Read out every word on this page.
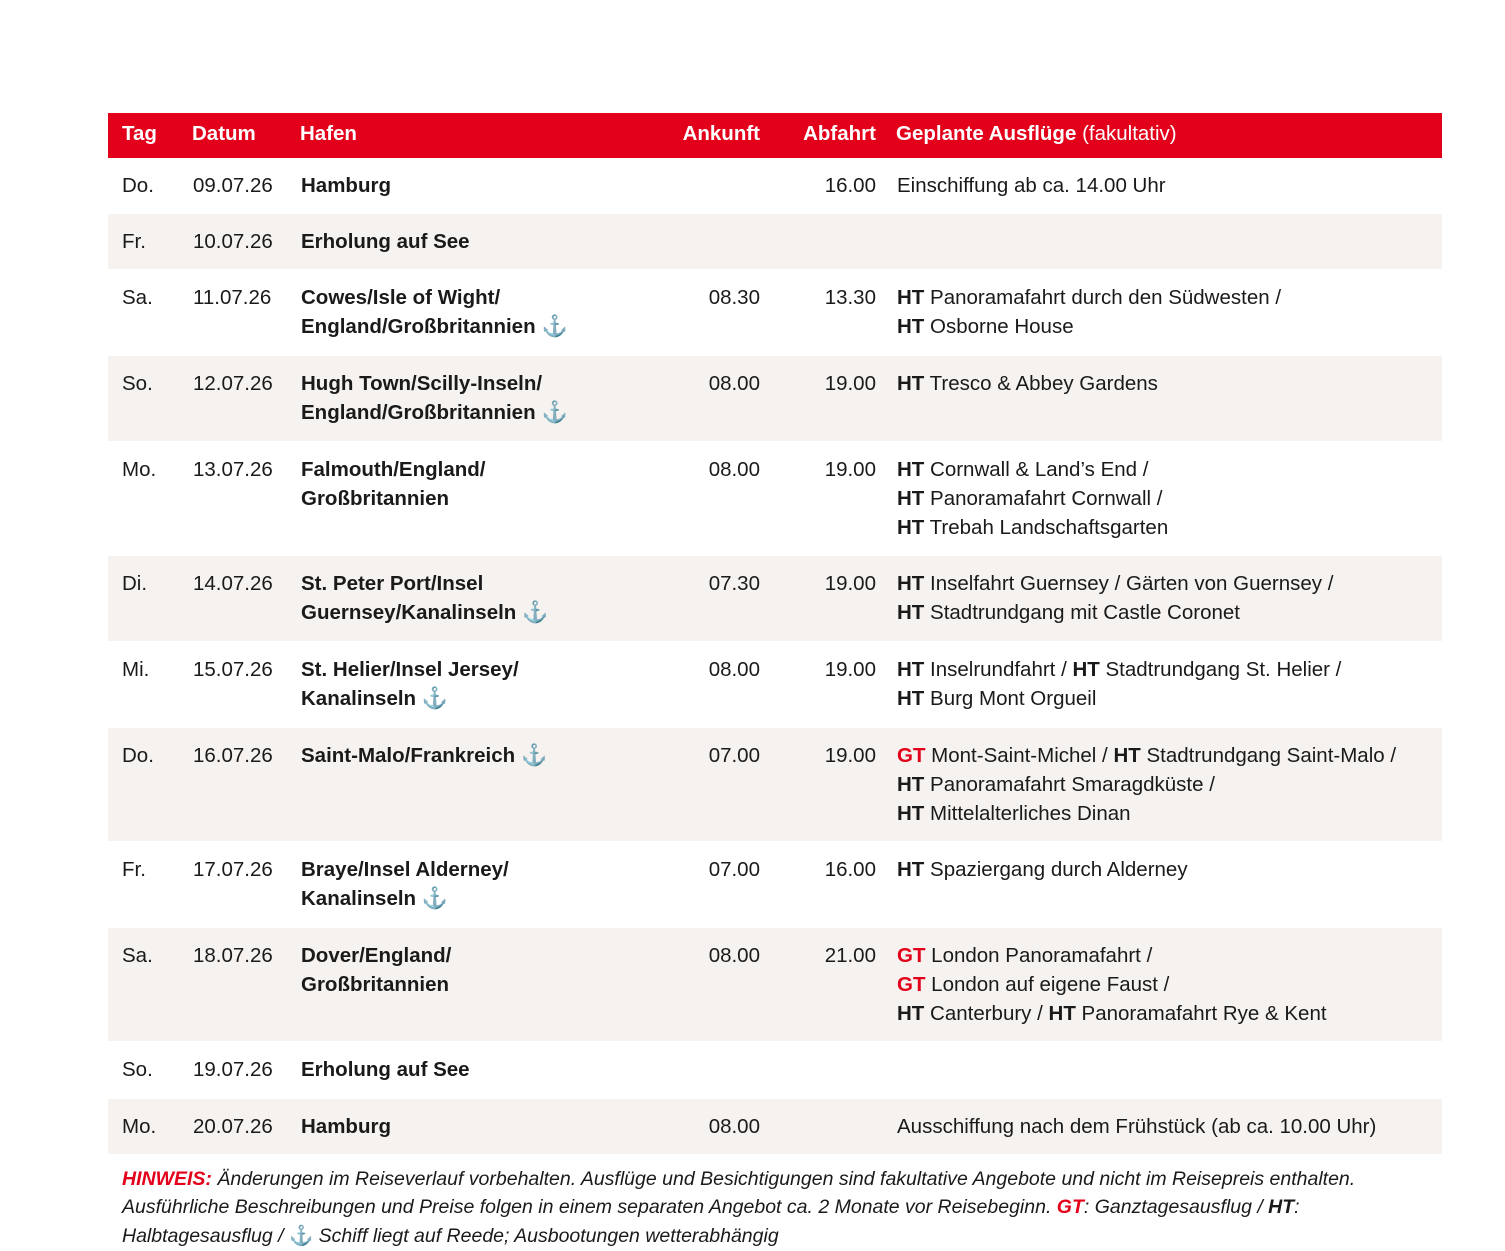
Tag	Datum	Hafen	Ankunft	Abfahrt	Geplante Ausflüge (fakultativ)
Do.	09.07.26	Hamburg		16.00	Einschiffung ab ca. 14.00 Uhr

Fr.	10.07.26	Erholung auf See			
Sa.	11.07.26	Cowes/Isle of Wight/
England/Großbritannien ⚓	08.30	13.30	HT Panoramafahrt durch den Südwesten /
HT Osborne House

So.	12.07.26	Hugh Town/Scilly-Inseln/
England/Großbritannien ⚓	08.00	19.00	HT Tresco & Abbey Gardens

Mo.	13.07.26	Falmouth/England/
Großbritannien	08.00	19.00	HT Cornwall & Land’s End /
HT Panoramafahrt Cornwall /
HT Trebah Landschaftsgarten

Di.	14.07.26	St. Peter Port/Insel
Guernsey/Kanalinseln ⚓	07.30	19.00	HT Inselfahrt Guernsey / Gärten von Guernsey /
HT Stadtrundgang mit Castle Coronet

Mi.	15.07.26	St. Helier/Insel Jersey/
Kanalinseln ⚓	08.00	19.00	HT Inselrundfahrt / HT Stadtrundgang St. Helier /
HT Burg Mont Orgueil

Do.	16.07.26	Saint-Malo/Frankreich ⚓	07.00	19.00	GT Mont-Saint-Michel / HT Stadtrundgang Saint-Malo /
HT Panoramafahrt Smaragdküste /
HT Mittelalterliches Dinan

Fr.	17.07.26	Braye/Insel Alderney/
Kanalinseln ⚓	07.00	16.00	HT Spaziergang durch Alderney

Sa.	18.07.26	Dover/England/
Großbritannien	08.00	21.00	GT London Panoramafahrt /
GT London auf eigene Faust /
HT Canterbury / HT Panoramafahrt Rye & Kent

So.	19.07.26	Erholung auf See			
Mo.	20.07.26	Hamburg	08.00		Ausschiffung nach dem Frühstück (ab ca. 10.00 Uhr)

HINWEIS: Änderungen im Reiseverlauf vorbehalten. Ausflüge und Besichtigungen sind fakultative Angebote und nicht im Reisepreis enthalten. Ausführliche Beschreibungen und Preise folgen in einem separaten Angebot ca. 2 Monate vor Reisebeginn. GT: Ganztagesausflug / HT: Halbtagesausflug / ⚓ Schiff liegt auf Reede; Ausbootungen wetterabhängig
